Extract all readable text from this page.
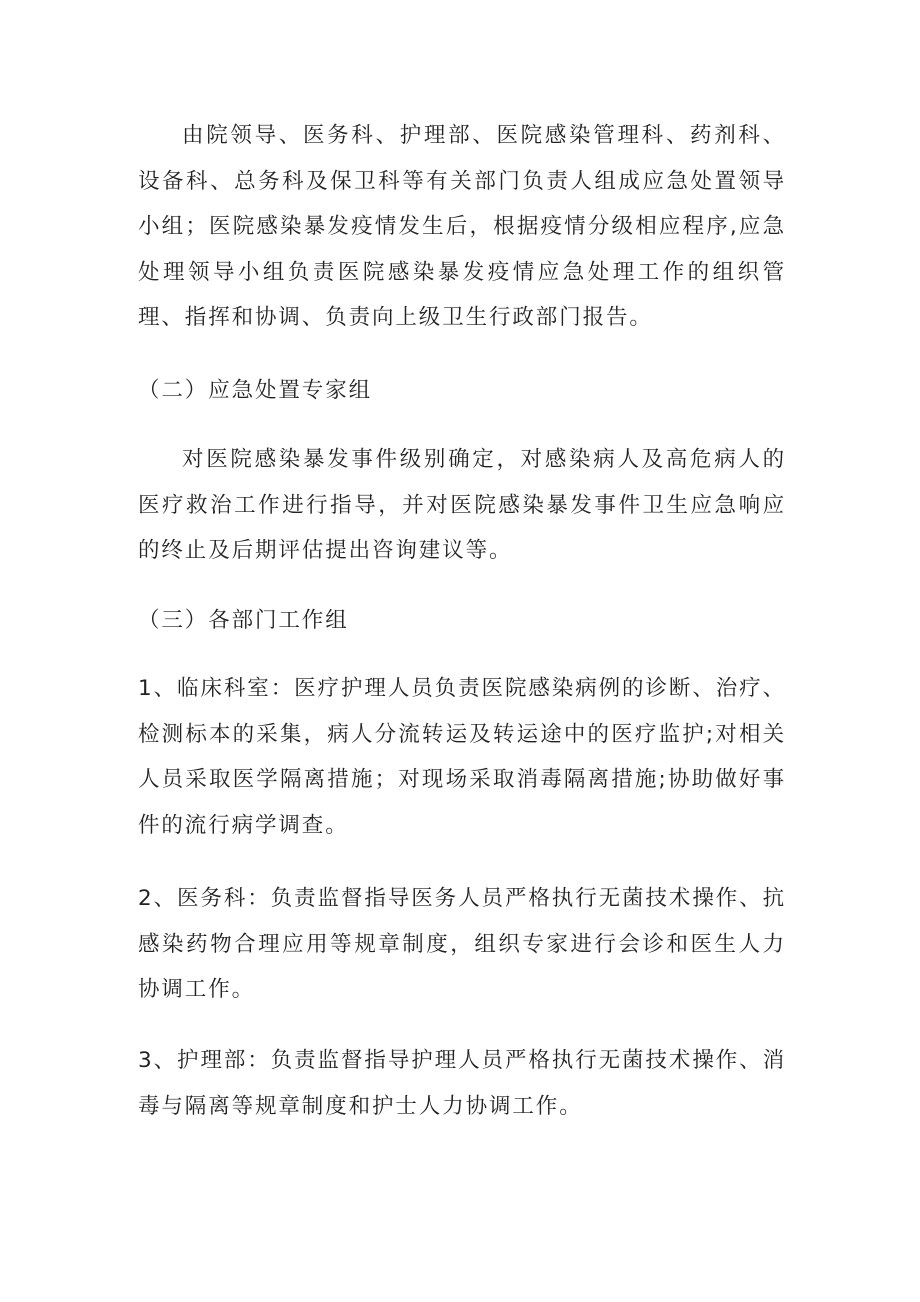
由院领导、医务科、护理部、医院感染管理科、药剂科、设备科、总务科及保卫科等有关部门负责人组成应急处置领导小组；医院感染暴发疫情发生后，根据疫情分级相应程序,应急处理领导小组负责医院感染暴发疫情应急处理工作的组织管理、指挥和协调、负责向上级卫生行政部门报告。

（二）应急处置专家组

对医院感染暴发事件级别确定，对感染病人及高危病人的医疗救治工作进行指导，并对医院感染暴发事件卫生应急响应的终止及后期评估提出咨询建议等。

（三）各部门工作组

1、临床科室：医疗护理人员负责医院感染病例的诊断、治疗、检测标本的采集，病人分流转运及转运途中的医疗监护;对相关人员采取医学隔离措施；对现场采取消毒隔离措施;协助做好事件的流行病学调查。

2、医务科：负责监督指导医务人员严格执行无菌技术操作、抗感染药物合理应用等规章制度，组织专家进行会诊和医生人力协调工作。

3、护理部：负责监督指导护理人员严格执行无菌技术操作、消毒与隔离等规章制度和护士人力协调工作。
